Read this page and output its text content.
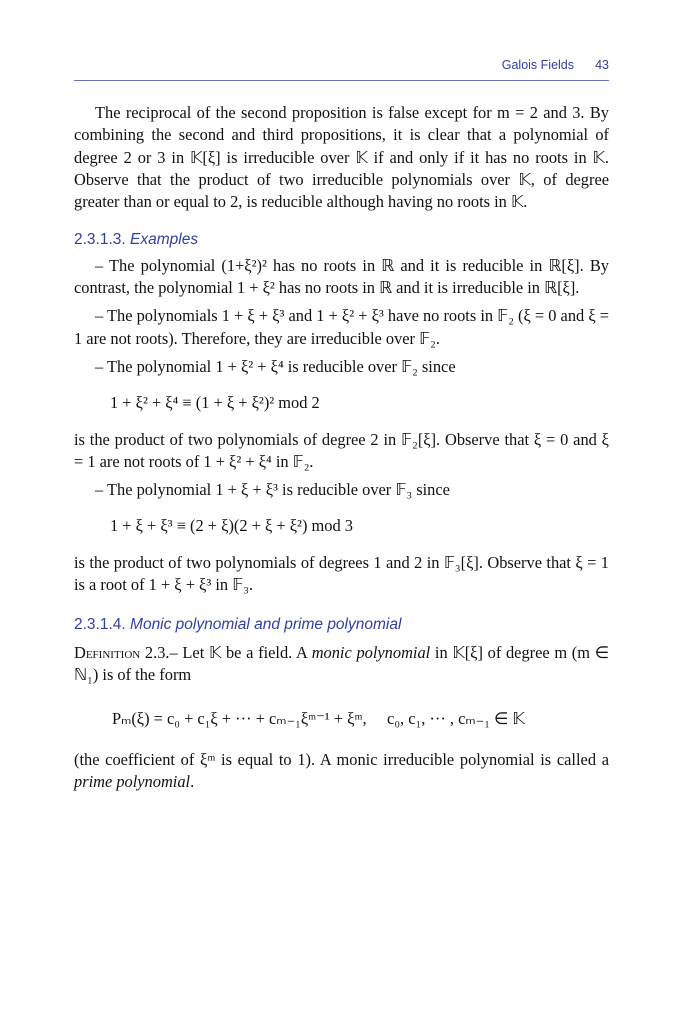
Galois Fields 43

The reciprocal of the second proposition is false except for m = 2 and 3. By combining the second and third propositions, it is clear that a polynomial of degree 2 or 3 in 𝕂[ξ] is irreducible over 𝕂 if and only if it has no roots in 𝕂. Observe that the product of two irreducible polynomials over 𝕂, of degree greater than or equal to 2, is reducible although having no roots in 𝕂.

2.3.1.3. Examples

– The polynomial (1+ξ²)² has no roots in ℝ and it is reducible in ℝ[ξ]. By contrast, the polynomial 1 + ξ² has no roots in ℝ and it is irreducible in ℝ[ξ].

– The polynomials 1 + ξ + ξ³ and 1 + ξ² + ξ³ have no roots in 𝔽₂ (ξ = 0 and ξ = 1 are not roots). Therefore, they are irreducible over 𝔽₂.

– The polynomial 1 + ξ² + ξ⁴ is reducible over 𝔽₂ since

1 + ξ² + ξ⁴ ≡ (1 + ξ + ξ²)² mod 2

is the product of two polynomials of degree 2 in 𝔽₂[ξ]. Observe that ξ = 0 and ξ = 1 are not roots of 1 + ξ² + ξ⁴ in 𝔽₂.

– The polynomial 1 + ξ + ξ³ is reducible over 𝔽₃ since

1 + ξ + ξ³ ≡ (2 + ξ)(2 + ξ + ξ²) mod 3

is the product of two polynomials of degrees 1 and 2 in 𝔽₃[ξ]. Observe that ξ = 1 is a root of 1 + ξ + ξ³ in 𝔽₃.

2.3.1.4. Monic polynomial and prime polynomial

Definition 2.3.– Let 𝕂 be a field. A monic polynomial in 𝕂[ξ] of degree m (m ∈ ℕ₁) is of the form

Pₘ(ξ) = c₀ + c₁ξ + ··· + cₘ₋₁ξᵐ⁻¹ + ξᵐ,     c₀, c₁, ··· , cₘ₋₁ ∈ 𝕂

(the coefficient of ξᵐ is equal to 1). A monic irreducible polynomial is called a prime polynomial.
